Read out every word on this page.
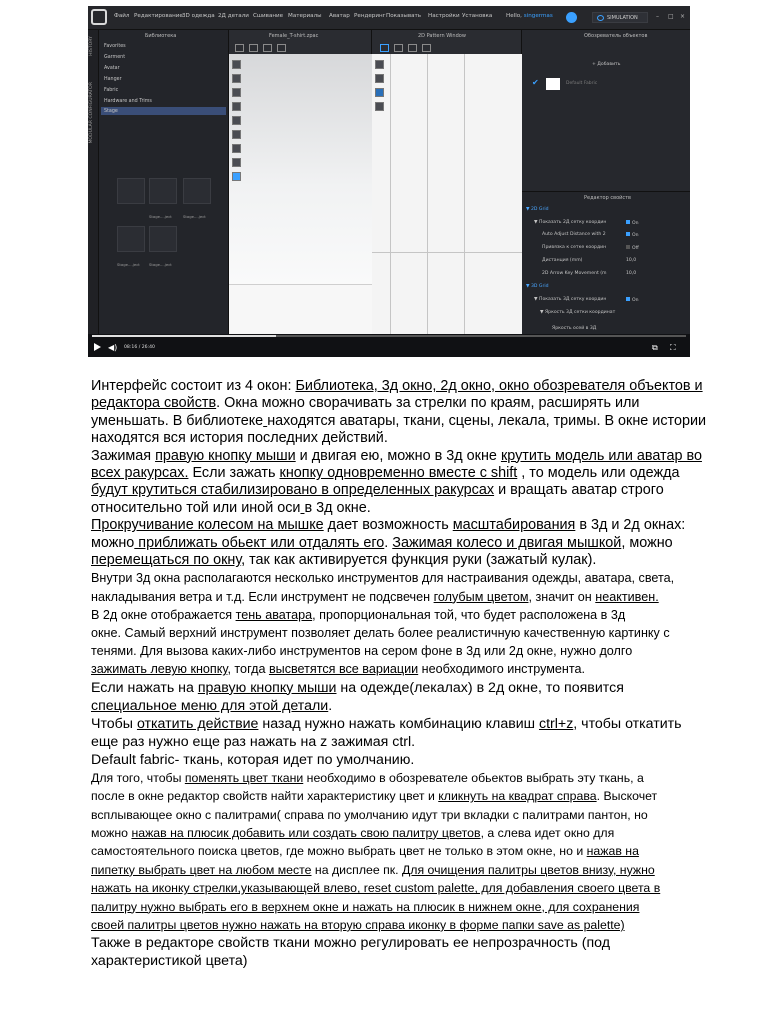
Файл Редактирование 3D одежда 2Д детали Сшивание Материалы Аватар Рендеринг Показывать Настройки Установка Hello, singermas	SIMULATION	– □ ×
HISTORY
MODULAR CONFIGURATOR
Библиотека
Favorites
Garment
Avatar
Hanger
Fabric
Hardware and Trims
Stage
Stage....ject	Stage....ject
Stage....ject Stage....ject
Female_T-shirt.zpac	2D Pattern Window	Обозреватель объектов
+ Добавить
✔	Default Fabric
Редактор свойств
▼ 2D Grid
▼ Показать 2Д сетку координ	On
Auto Adjust Distance with 2	On
Привязка к сетке координ	Off
Дистанция (mm)	10,0
2D Arrow Key Movement (m	10,0
▼ 3D Grid
▼ Показать 3Д сетку координ	On
▼ Яркость 3Д сетки координат
Яркость осей в 3Д
◀) 08:16 / 26:40	⧉ ⛶
Интерфейс состоит из 4 окон: Библиотека, 3д окно, 2д окно, окно обозревателя объектов и
редактора свойств. Окна можно сворачивать за стрелки по краям, расширять или
уменьшать. В библиотеке находятся аватары, ткани, сцены, лекала, тримы. В окне истории
находятся вся история последних действий.
Зажимая правую кнопку мыши и двигая ею, можно в 3д окне крутить модель или аватар во
всех ракурсах. Если зажать кнопку одновременно вместе с shift , то модель или одежда
будут крутиться стабилизировано в определенных ракурсах и вращать аватар строго
относительно той или иной оси в 3д окне.
Прокручивание колесом на мышке дает возможность масштабирования в 3д и 2д окнах:
можно приближать обьект или отдалять его. Зажимая колесо и двигая мышкой, можно
перемещаться по окну, так как активируется функция руки (зажатый кулак).
Внутри 3д окна располагаются несколько инструментов для настраивания одежды, аватара, света,
накладывания ветра и т.д. Если инструмент не подсвечен голубым цветом, значит он неактивен.
В 2д окне отображается тень аватара, пропорциональная той, что будет расположена в 3д
окне. Самый верхний инструмент позволяет делать более реалистичную качественную картинку с
тенями. Для вызова каких-либо инструментов на сером фоне в 3д или 2д окне, нужно долго
зажимать левую кнопку, тогда высветятся все вариации необходимого инструмента.
Если нажать на правую кнопку мыши на одежде(лекалах) в 2д окне, то появится
специальное меню для этой детали.
Чтобы откатить действие назад нужно нажать комбинацию клавиш ctrl+z, чтобы откатить
еще раз нужно еще раз нажать на z зажимая ctrl.
Default fabric- ткань, которая идет по умолчанию.
Для того, чтобы поменять цвет ткани необходимо в обозревателе обьектов выбрать эту ткань, а
после в окне редактор свойств найти характеристику цвет и кликнуть на квадрат справа. Выскочет
всплывающее окно с палитрами( справа по умолчанию идут три вкладки с палитрами пантон, но
можно нажав на плюсик добавить или создать свою палитру цветов, а слева идет окно для
самостоятельного поиска цветов, где можно выбрать цвет не только в этом окне, но и нажав на
пипетку выбрать цвет на любом месте на дисплее пк. Для очищения палитры цветов внизу, нужно
нажать на иконку стрелки,указывающей влево, reset custom palette, для добавления своего цвета в
палитру нужно выбрать его в верхнем окне и нажать на плюсик в нижнем окне, для сохранения
своей палитры цветов нужно нажать на вторую справа иконку в форме папки save as palette)
Также в редакторе свойств ткани можно регулировать ее непрозрачность (под
характеристикой цвета)
